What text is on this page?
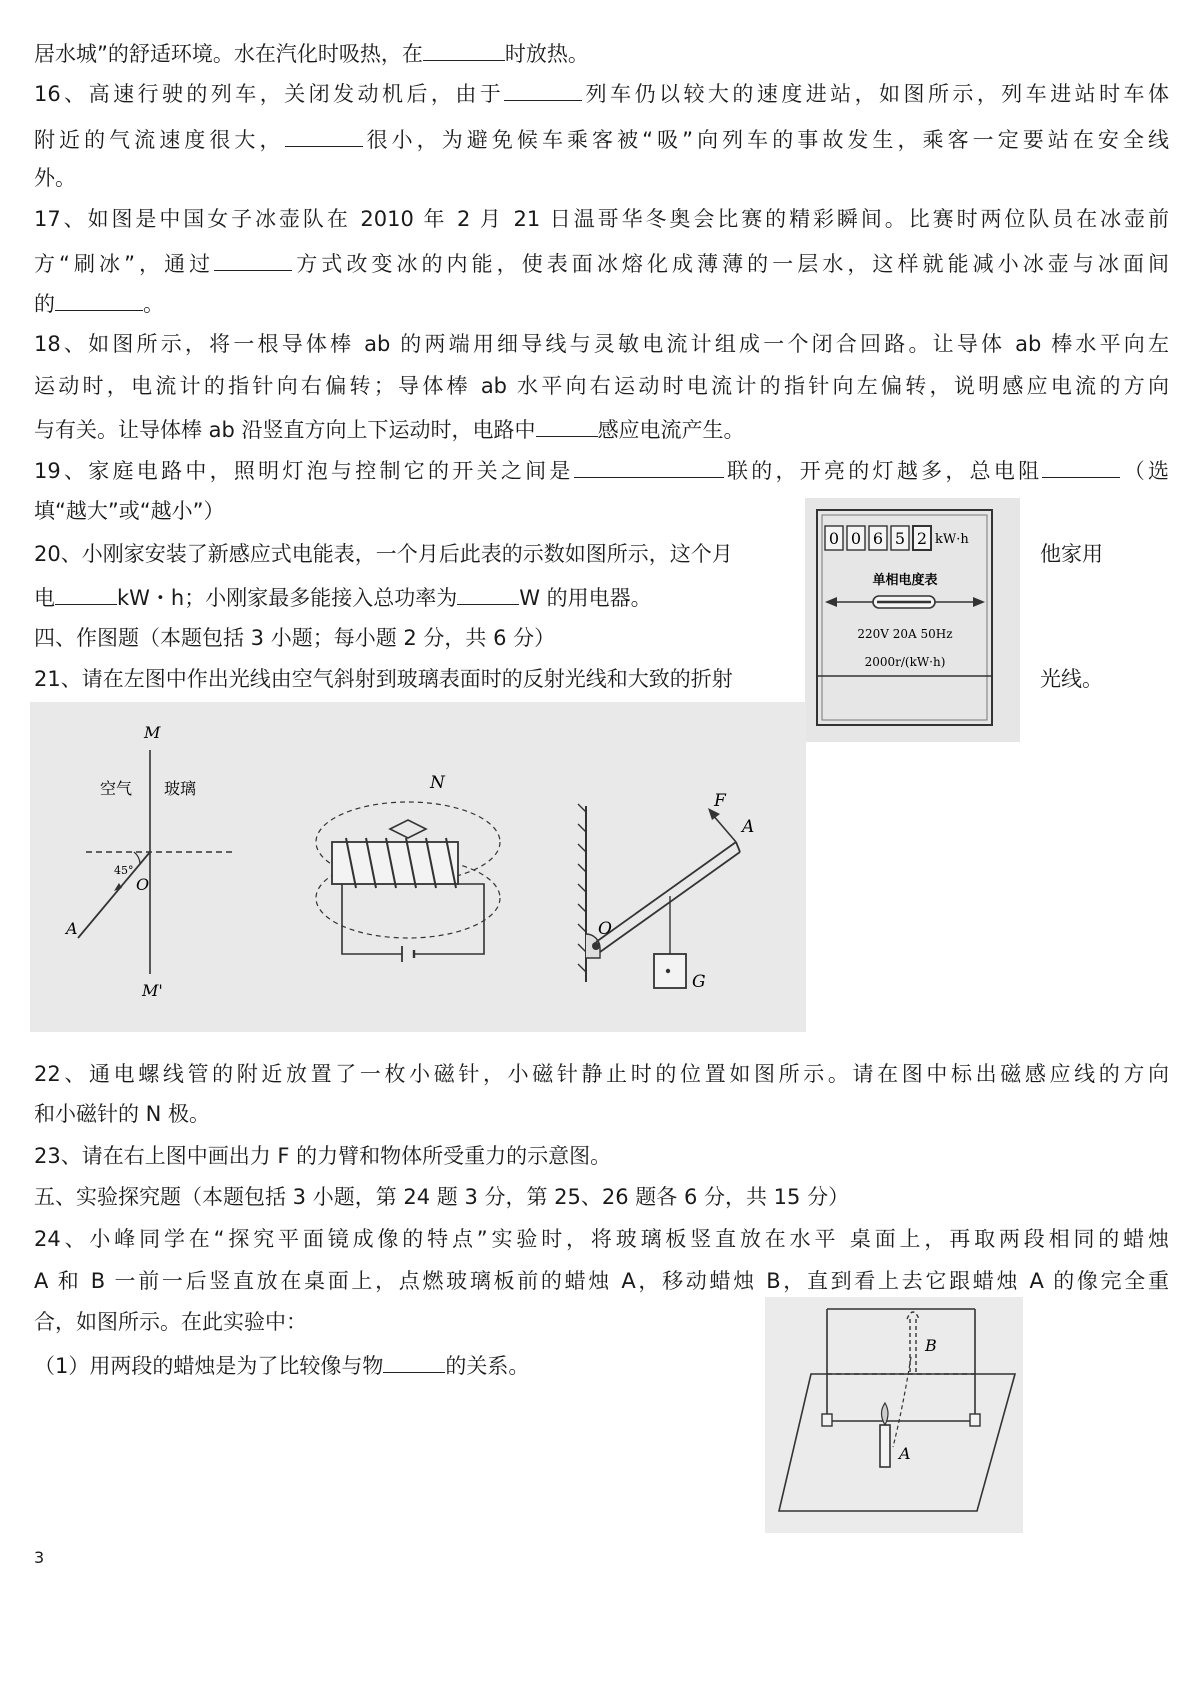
居水城”的舒适环境。水在汽化时吸热，在	时放热。
16、高速行驶的列车，关闭发动机后，由于	列车仍以较大的速度进站，如图所示，列车进站时车体
附近的气流速度很大，	很小，为避免候车乘客被“吸”向列车的事故发生，乘客一定要站在安全线
外。
17、如图是中国女子冰壶队在 2010 年 2 月 21 日温哥华冬奥会比赛的精彩瞬间。比赛时两位队员在冰壶前
方“刷冰”，通过	方式改变冰的内能，使表面冰熔化成薄薄的一层水，这样就能减小冰壶与冰面间
的	。
18、如图所示，将一根导体棒 ab 的两端用细导线与灵敏电流计组成一个闭合回路。让导体 ab 棒水平向左
运动时，电流计的指针向右偏转；导体棒 ab 水平向右运动时电流计的指针向左偏转，说明感应电流的方向
与有关。让导体棒 ab 沿竖直方向上下运动时，电路中	感应电流产生。
19、家庭电路中，照明灯泡与控制它的开关之间是	联的，开亮的灯越多，总电阻	（选
填“越大”或“越小”）
20、小刚家安装了新感应式电能表，一个月后此表的示数如图所示，这个月	他家用
电	kW・h；小刚家最多能接入总功率为	W 的用电器。
四、作图题（本题包括 3 小题；每小题 2 分，共 6 分）
21、请在左图中作出光线由空气斜射到玻璃表面时的反射光线和大致的折射	光线。
0 0 6 5 2 kW·h
单相电度表
220V 20A 50Hz
2000r/(kW·h)
M
M'
空气 玻璃
45°
O
A
N
F
A
O
G
22、通电螺线管的附近放置了一枚小磁针，小磁针静止时的位置如图所示。请在图中标出磁感应线的方向
和小磁针的 N 极。
23、请在右上图中画出力 F 的力臂和物体所受重力的示意图。
五、实验探究题（本题包括 3 小题，第 24 题 3 分，第 25、26 题各 6 分，共 15 分）
24、小峰同学在“探究平面镜成像的特点”实验时，将玻璃板竖直放在水平 桌面上，再取两段相同的蜡烛
A 和 B 一前一后竖直放在桌面上，点燃玻璃板前的蜡烛 A，移动蜡烛 B，直到看上去它跟蜡烛 A 的像完全重
合，如图所示。在此实验中：
（1）用两段的蜡烛是为了比较像与物	的关系。
B
A
3
